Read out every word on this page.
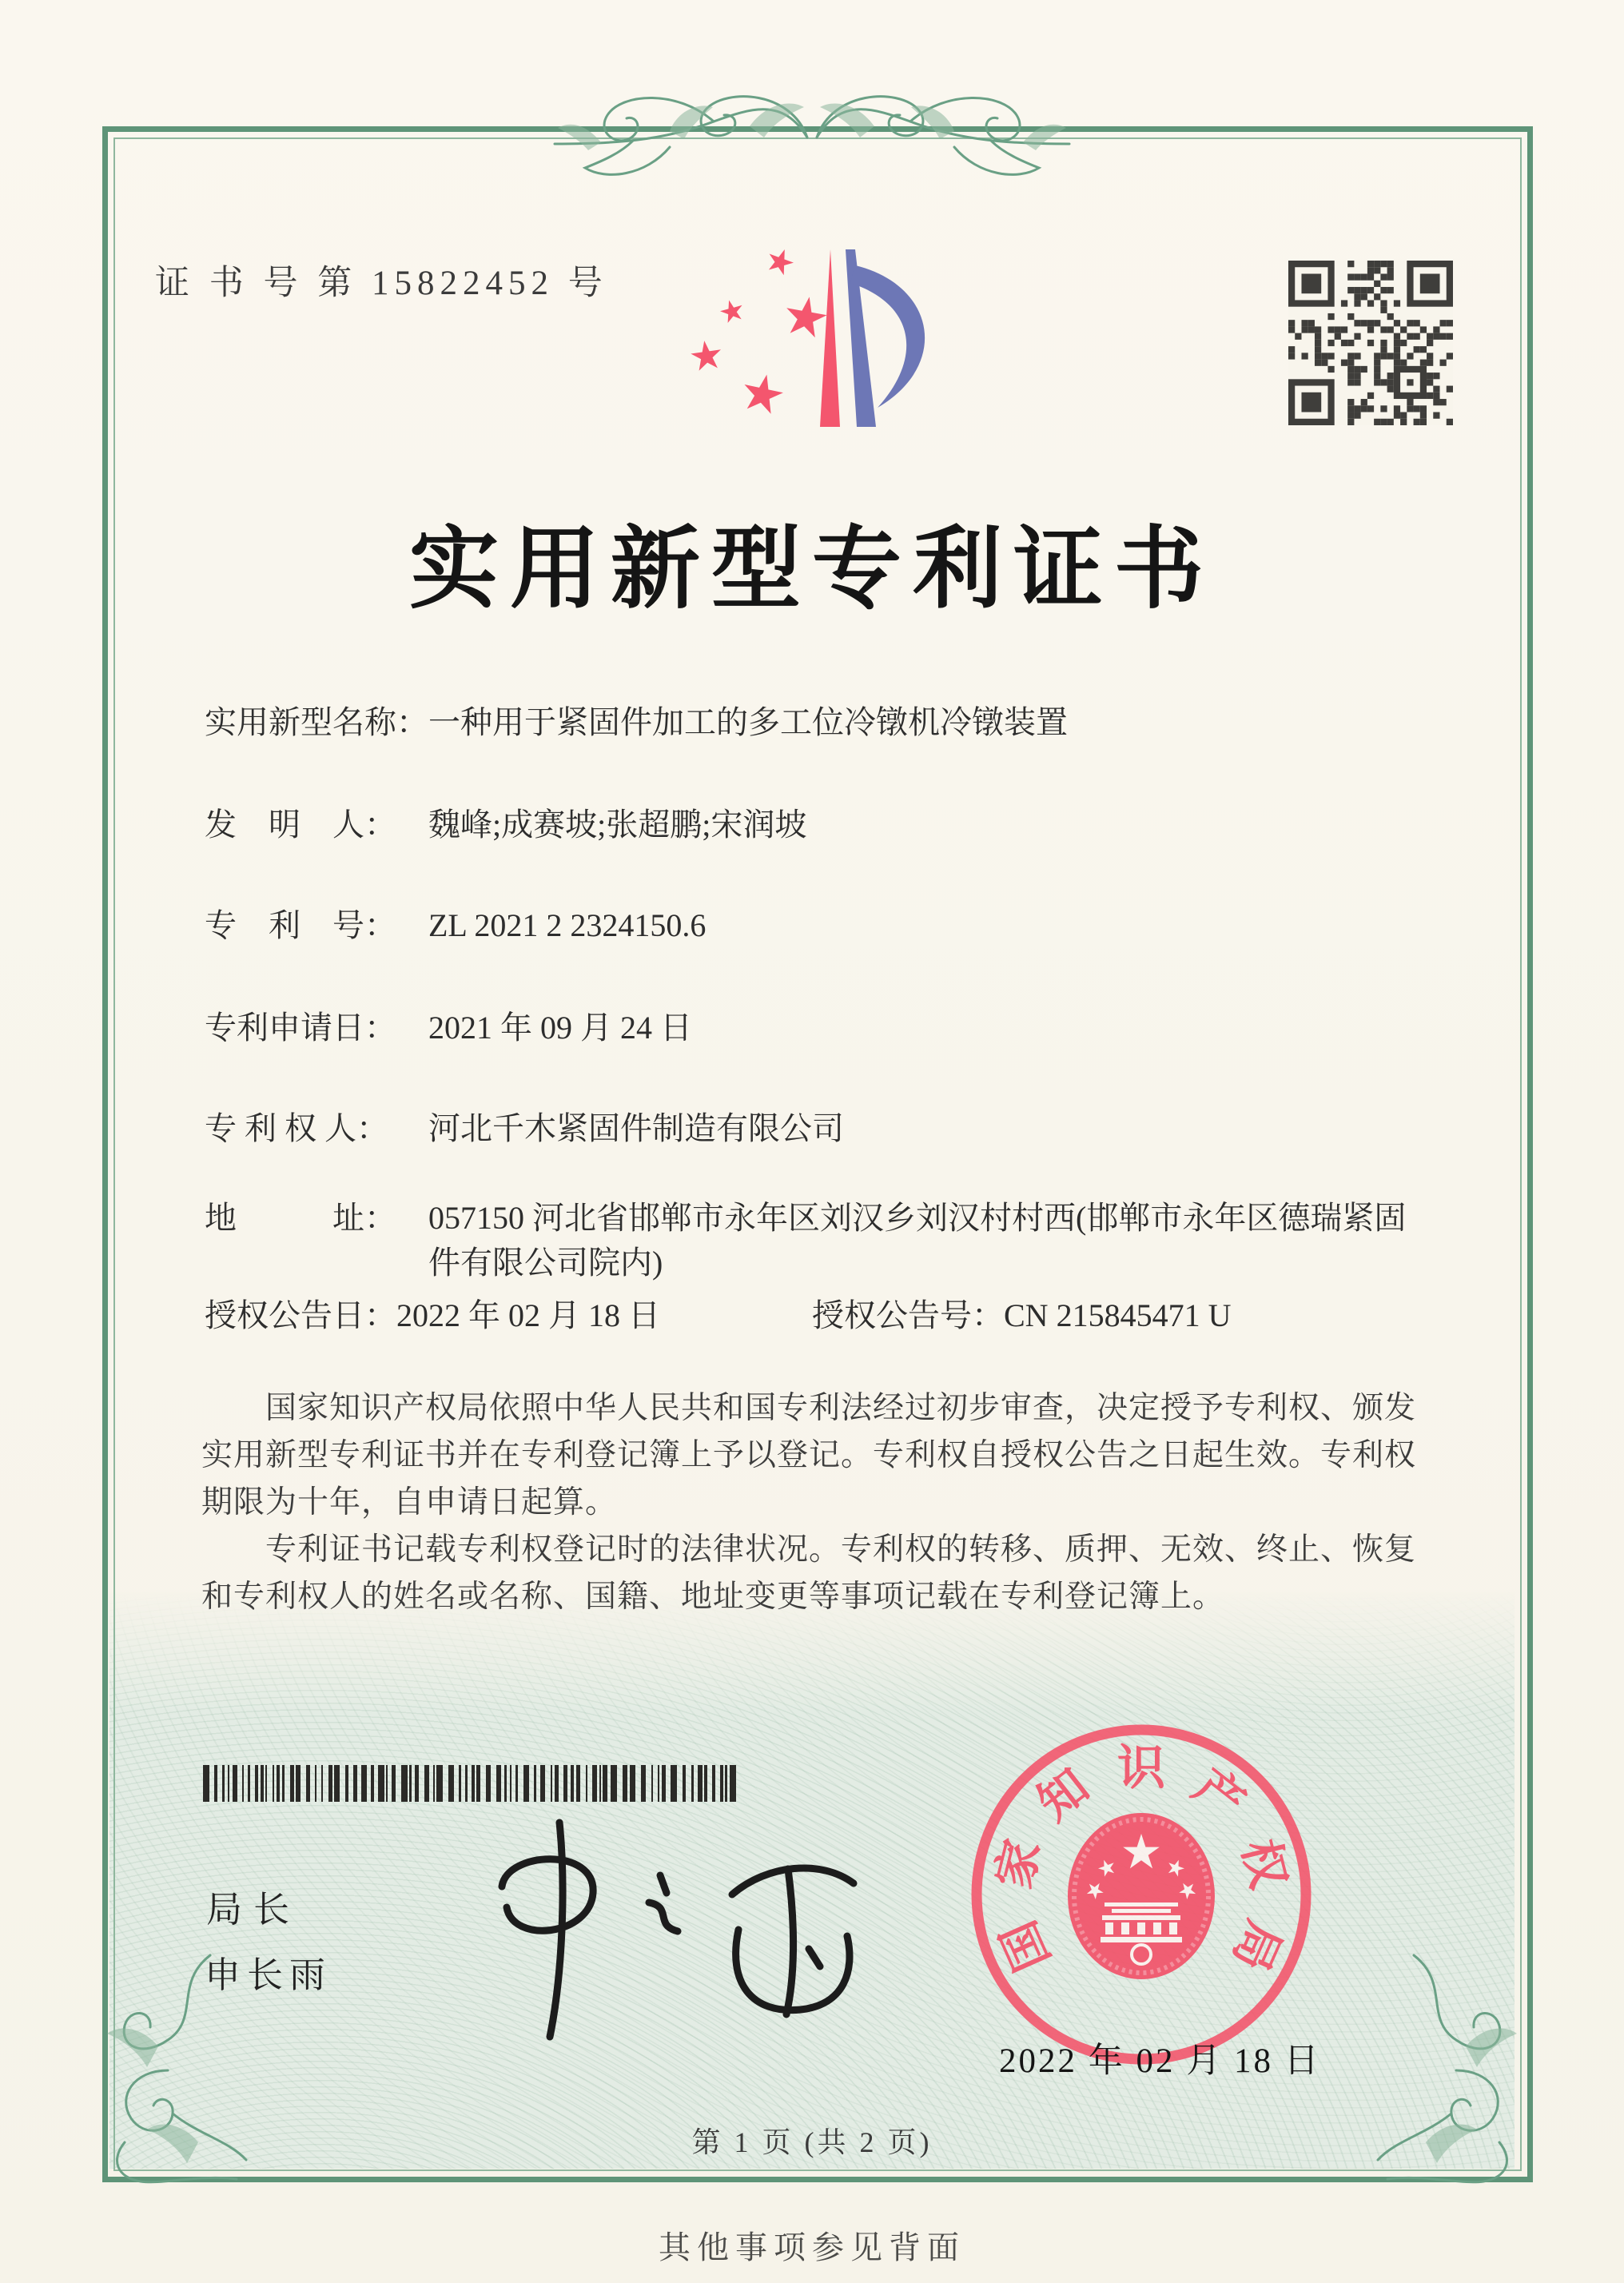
证 书 号 第 15822452 号
实用新型专利证书
实用新型名称： 一种用于紧固件加工的多工位冷镦机冷镦装置
发　明　人：	魏峰;成赛坡;张超鹏;宋润坡
专　利　号：	ZL 2021 2 2324150.6
专利申请日：	2021 年 09 月 24 日
专 利 权 人：	河北千木紧固件制造有限公司
地　　　址：	057150 河北省邯郸市永年区刘汉乡刘汉村村西(邯郸市永年区德瑞紧固件有限公司院内)
授权公告日：2022 年 02 月 18 日	授权公告号：CN 215845471 U

国家知识产权局依照中华人民共和国专利法经过初步审查，决定授予专利权、颁发实用新型专利证书并在专利登记簿上予以登记。专利权自授权公告之日起生效。专利权期限为十年，自申请日起算。

专利证书记载专利权登记时的法律状况。专利权的转移、质押、无效、终止、恢复和专利权人的姓名或名称、国籍、地址变更等事项记载在专利登记簿上。

局长
申长雨	国
家
知 识 产
权
局
2022 年 02 月 18 日
第 1 页 (共 2 页)
其他事项参见背面
